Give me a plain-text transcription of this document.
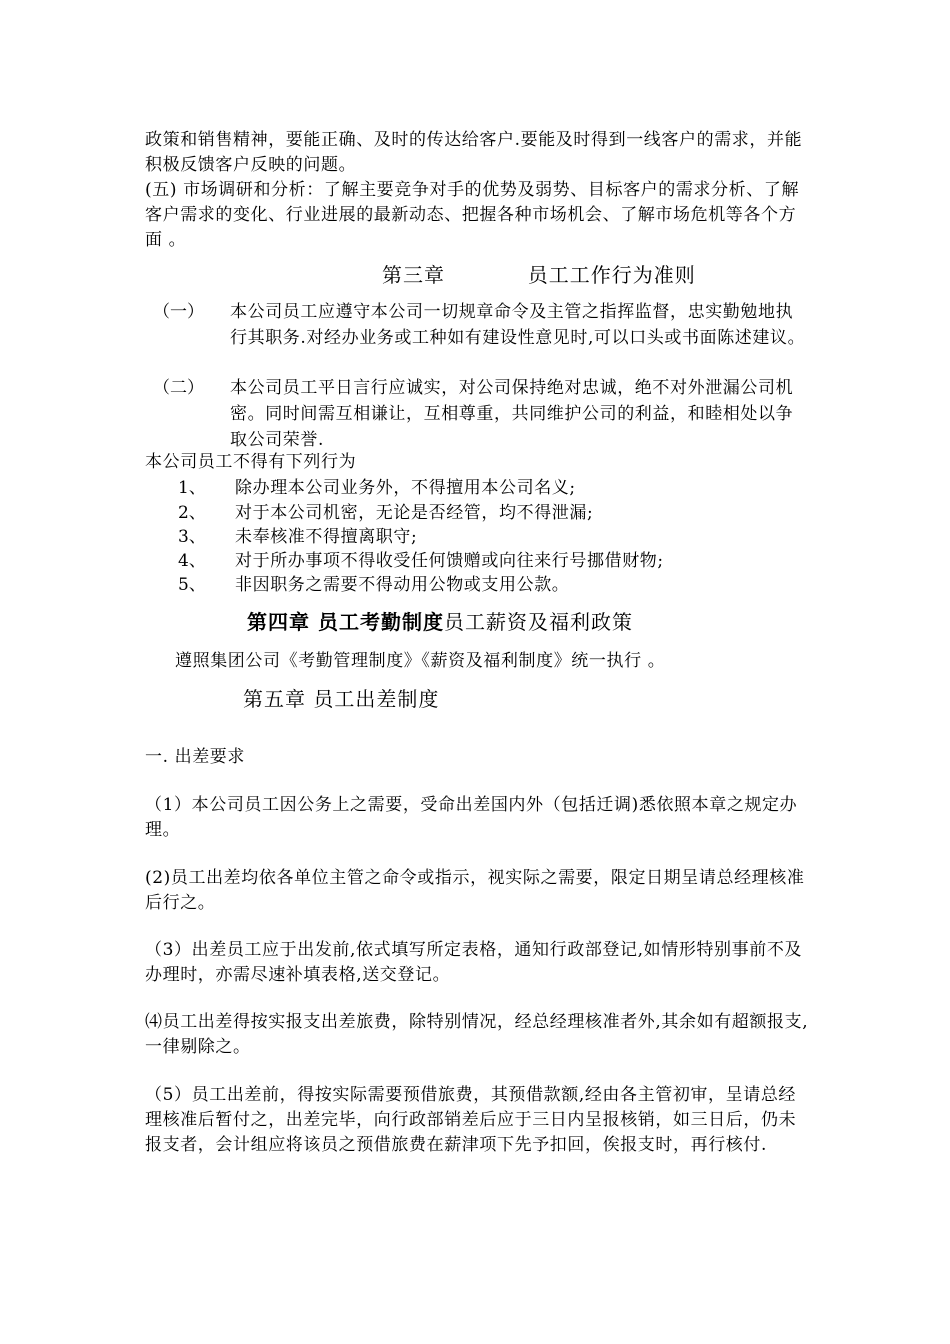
政策和销售精神，要能正确、及时的传达给客户.要能及时得到一线客户的需求，并能积极反馈客户反映的问题。

(五) 市场调研和分析：了解主要竞争对手的优势及弱势、目标客户的需求分析、了解客户需求的变化、行业进展的最新动态、把握各种市场机会、了解市场危机等各个方面 。

第三章	员工工作行为准则
（一） 本公司员工应遵守本公司一切规章命令及主管之指挥监督，忠实勤勉地执行其职务.对经办业务或工种如有建设性意见时,可以口头或书面陈述建议。
（二） 本公司员工平日言行应诚实，对公司保持绝对忠诚，绝不对外泄漏公司机密。同时间需互相谦让，互相尊重，共同维护公司的利益，和睦相处以争取公司荣誉.
本公司员工不得有下列行为
1、 除办理本公司业务外，不得擅用本公司名义;
2、 对于本公司机密，无论是否经管，均不得泄漏;
3、 未奉核准不得擅离职守;
4、 对于所办事项不得收受任何馈赠或向往来行号挪借财物;
5、 非因职务之需要不得动用公物或支用公款。
第四章 员工考勤制度员工薪资及福利政策
遵照集团公司《考勤管理制度》《薪资及福利制度》统一执行 。
第五章 员工出差制度
一. 出差要求

（1）本公司员工因公务上之需要，受命出差国内外（包括迁调)悉依照本章之规定办理。

(2)员工出差均依各单位主管之命令或指示，视实际之需要，限定日期呈请总经理核准后行之。

（3）出差员工应于出发前,依式填写所定表格，通知行政部登记,如情形特别事前不及办理时，亦需尽速补填表格,送交登记。

⑷员工出差得按实报支出差旅费，除特别情况，经总经理核准者外,其余如有超额报支,一律剔除之。

（5）员工出差前，得按实际需要预借旅费，其预借款额,经由各主管初审，呈请总经理核准后暂付之，出差完毕，向行政部销差后应于三日内呈报核销，如三日后，仍未报支者，会计组应将该员之预借旅费在薪津项下先予扣回，俟报支时，再行核付.
